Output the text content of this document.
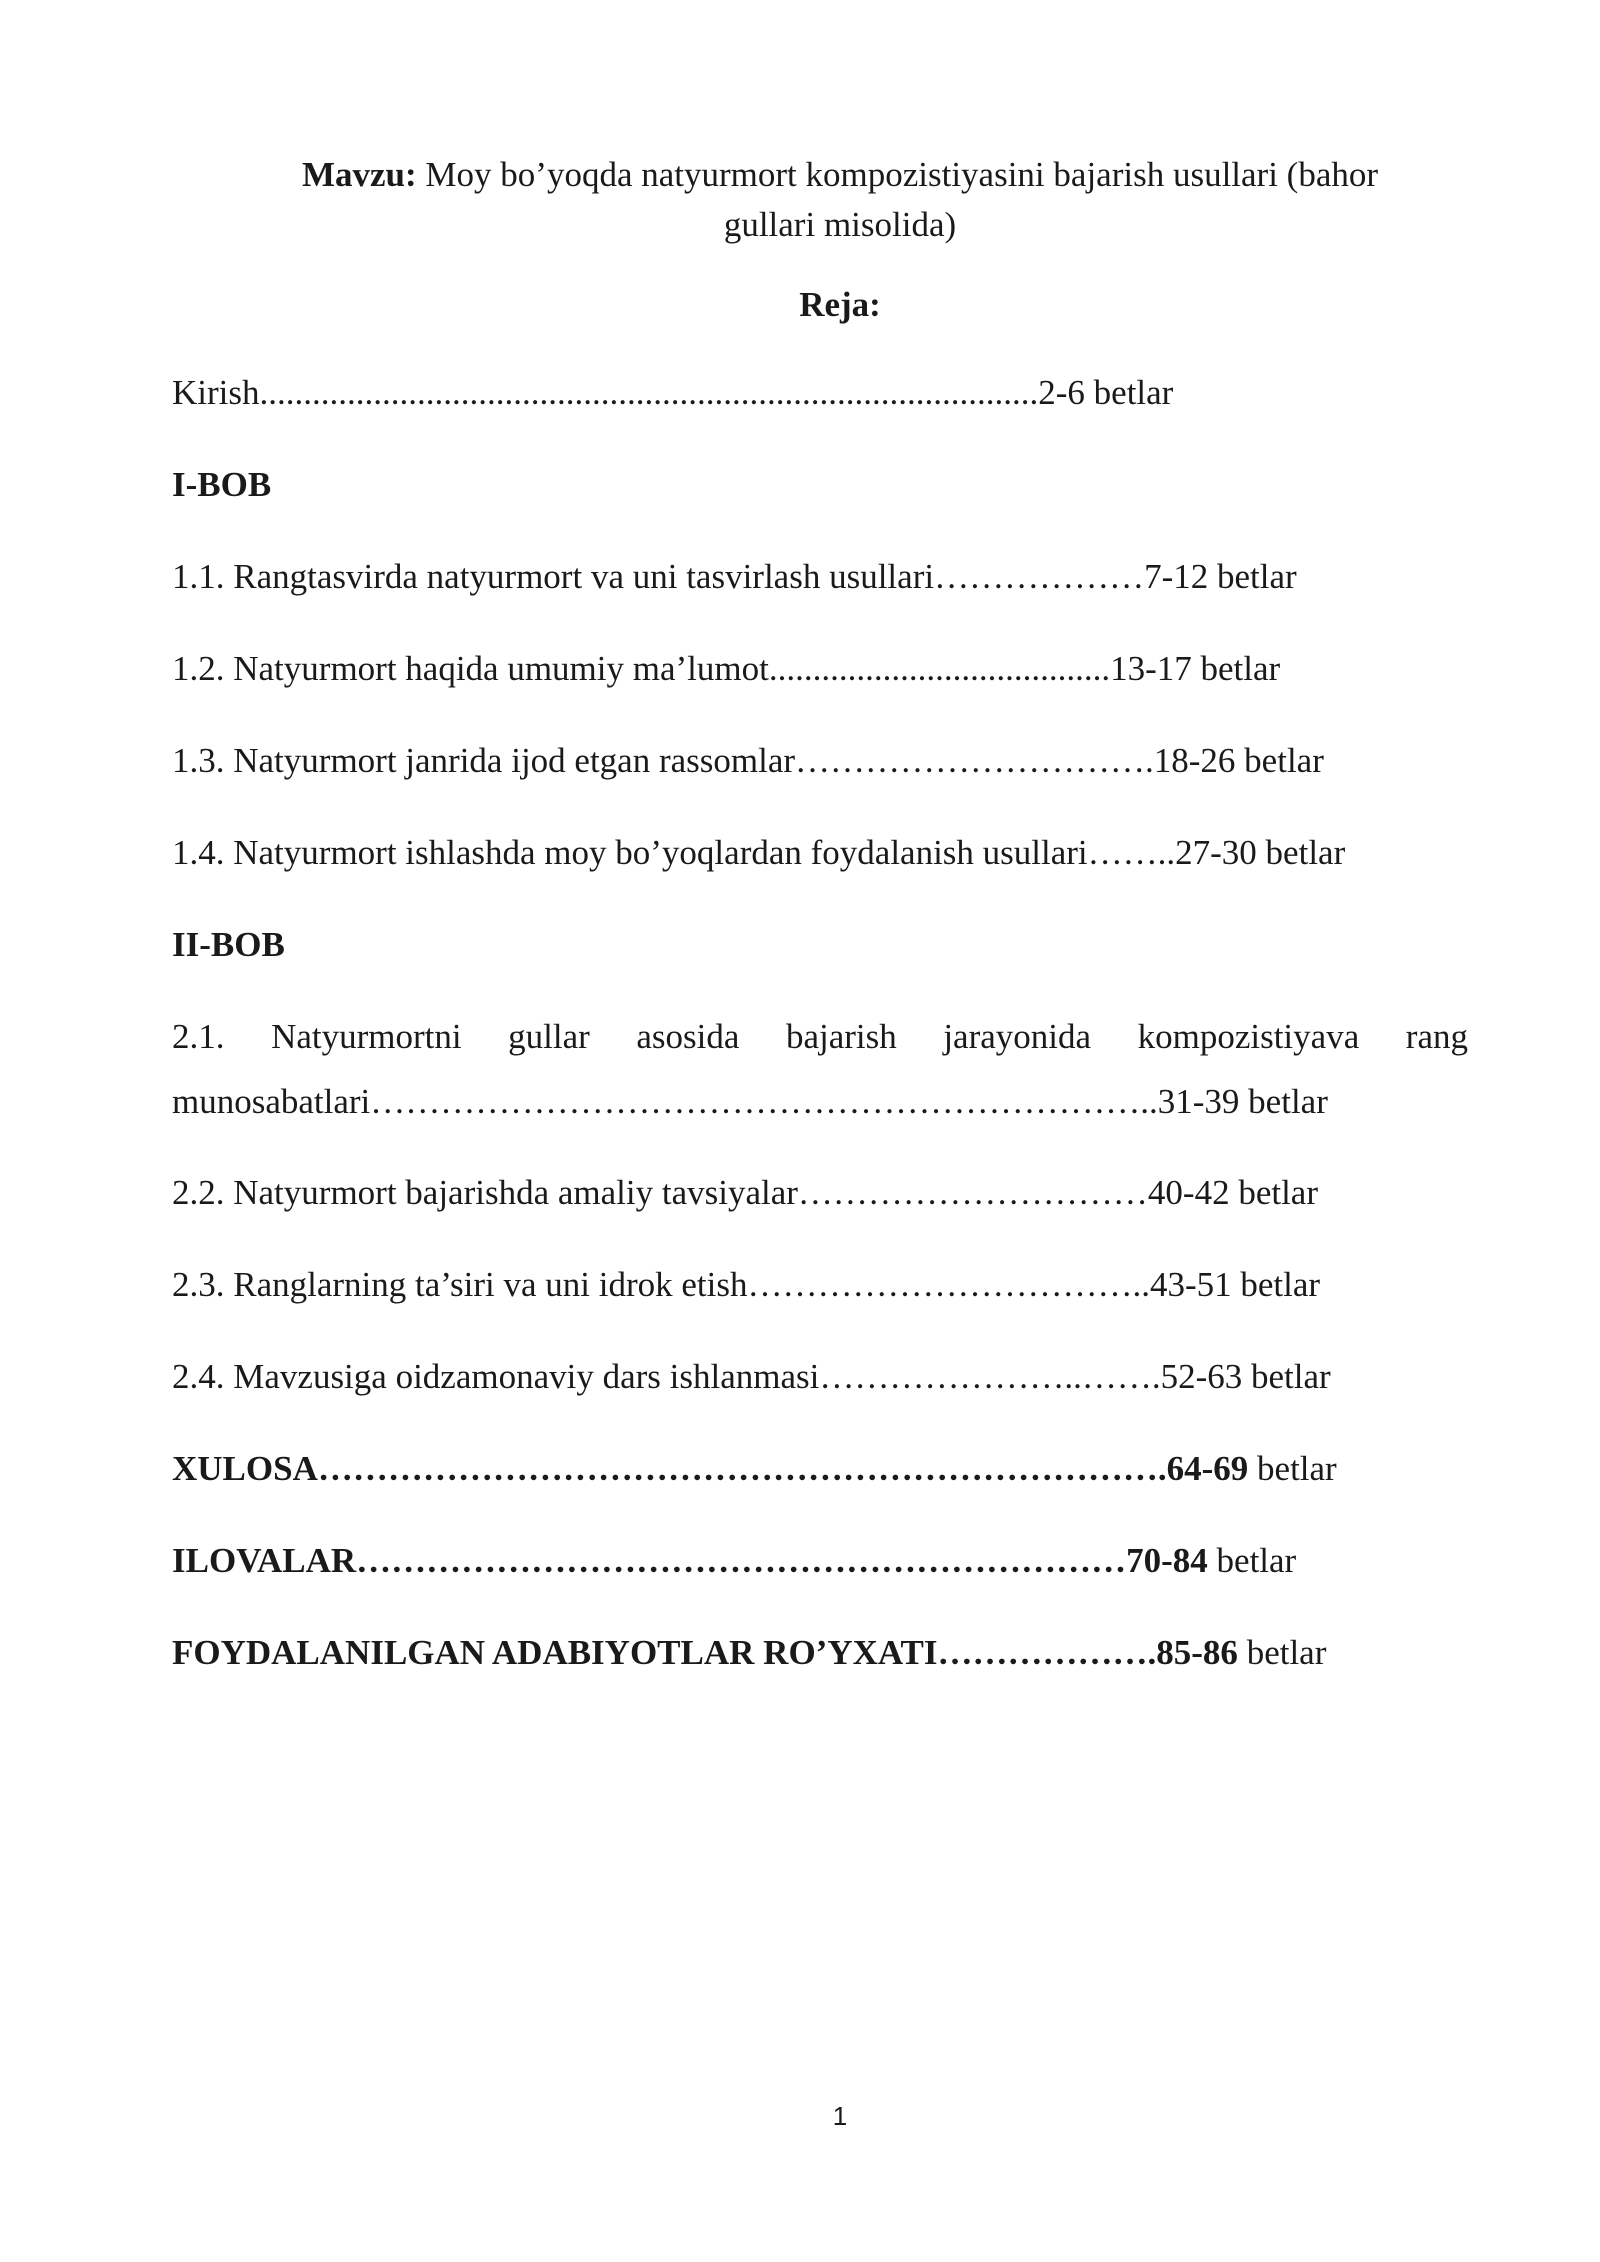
Mavzu: Moy bo’yoqda natyurmort kompozistiyasini bajarish usullari (bahor
gullari misolida)
Reja:
Kirish.........................................................................................2-6 betlar
I-BOB
1.1. Rangtasvirda natyurmort va uni tasvirlash usullari………………7-12 betlar
1.2. Natyurmort haqida umumiy ma’lumot.......................................13-17 betlar
1.3. Natyurmort janrida ijod etgan rassomlar………………………….18-26 betlar
1.4. Natyurmort ishlashda moy bo’yoqlardan foydalanish usullari……..27-30 betlar
II-BOB
2.1. Natyurmortni gullar asosida bajarish jarayonida kompozistiyava rang
munosabatlari…………………………………………………………..31-39 betlar
2.2. Natyurmort bajarishda amaliy tavsiyalar…………………………40-42 betlar
2.3. Ranglarning ta’siri va uni idrok etish……………………………..43-51 betlar
2.4. Mavzusiga oidzamonaviy dars ishlanmasi…………………..…….52-63 betlar
XULOSA……………………………………………………………….64-69 betlar
ILOVALAR…………………………………………………………70-84 betlar
FOYDALANILGAN ADABIYOTLAR RO’YXATI……………….85-86 betlar
1
